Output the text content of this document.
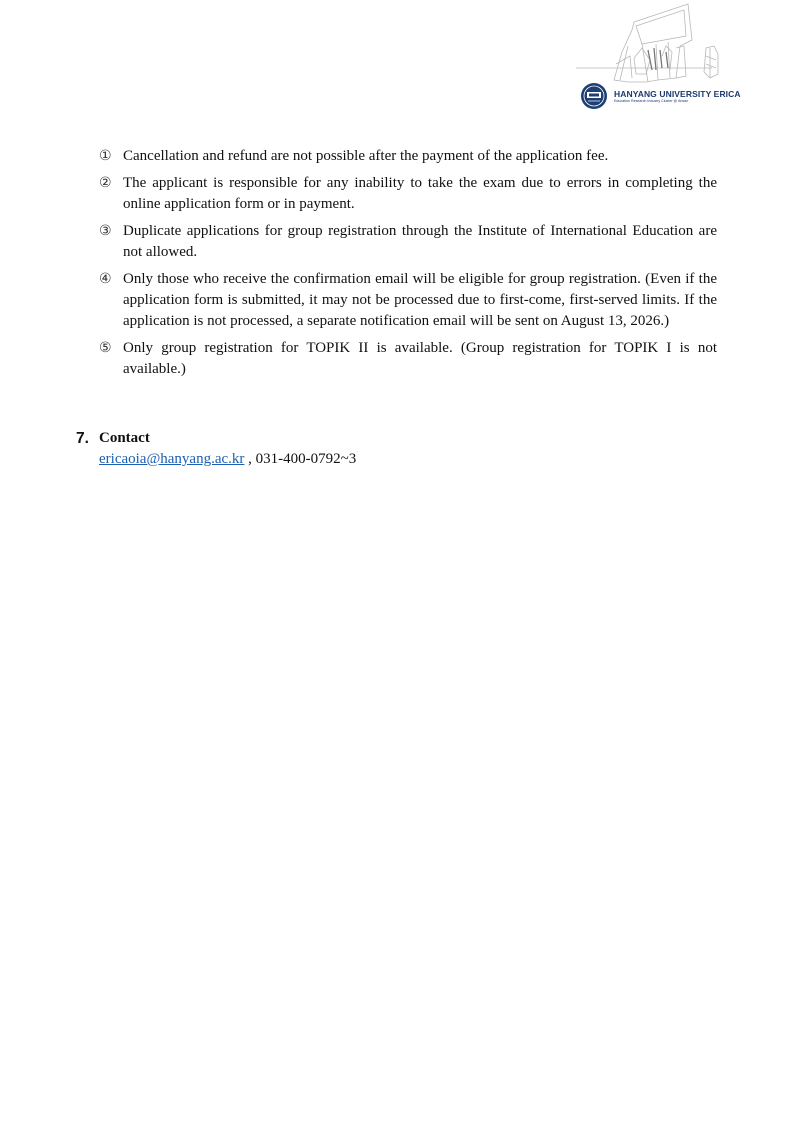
HANYANG UNIVERSITY ERICA
Education Research Industry Cluster @ Ansan
① Cancellation and refund are not possible after the payment of the application fee.
② The applicant is responsible for any inability to take the exam due to errors in completing the online application form or in payment.
③ Duplicate applications for group registration through the Institute of International Education are not allowed.
④ Only those who receive the confirmation email will be eligible for group registration. (Even if the application form is submitted, it may not be processed due to first-come, first-served limits. If the application is not processed, a separate notification email will be sent on August 13, 2026.)
⑤ Only group registration for TOPIK II is available. (Group registration for TOPIK I is not available.)
7. Contact
ericaoia@hanyang.ac.kr , 031-400-0792~3
